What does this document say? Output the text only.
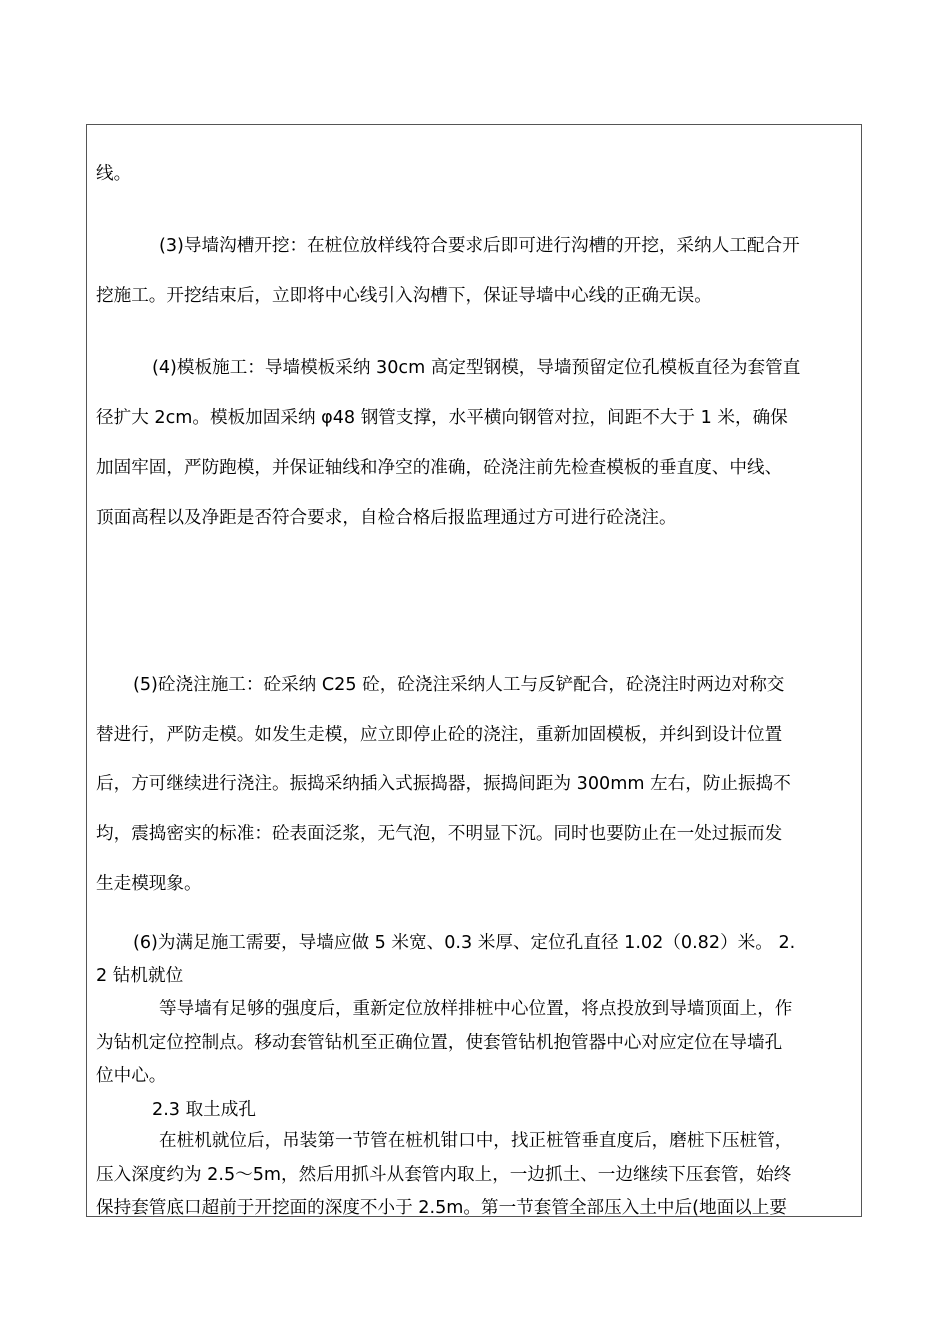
线。
(3)导墙沟槽开挖：在桩位放样线符合要求后即可进行沟槽的开挖，采纳人工配合开
挖施工。开挖结束后，立即将中心线引入沟槽下，保证导墙中心线的正确无误。
(4)模板施工：导墙模板采纳 30cm 高定型钢模，导墙预留定位孔模板直径为套管直
径扩大 2cm。模板加固采纳 φ48 钢管支撑，水平横向钢管对拉，间距不大于 1 米，确保
加固牢固，严防跑模，并保证轴线和净空的准确，砼浇注前先检查模板的垂直度、中线、
顶面高程以及净距是否符合要求，自检合格后报监理通过方可进行砼浇注。
(5)砼浇注施工：砼采纳 C25 砼，砼浇注采纳人工与反铲配合，砼浇注时两边对称交
替进行，严防走模。如发生走模，应立即停止砼的浇注，重新加固模板，并纠到设计位置
后，方可继续进行浇注。振捣采纳插入式振捣器，振捣间距为 300mm 左右，防止振捣不
均，震捣密实的标准：砼表面泛浆，无气泡，不明显下沉。同时也要防止在一处过振而发
生走模现象。
(6)为满足施工需要，导墙应做 5 米宽、0.3 米厚、定位孔直径 1.02（0.82）米。 2.
2 钻机就位
等导墙有足够的强度后，重新定位放样排桩中心位置，将点投放到导墙顶面上，作
为钻机定位控制点。移动套管钻机至正确位置，使套管钻机抱管器中心对应定位在导墙孔
位中心。
2.3 取土成孔
在桩机就位后，吊装第一节管在桩机钳口中，找正桩管垂直度后，磨桩下压桩管，
压入深度约为 2.5～5m，然后用抓斗从套管内取上，一边抓土、一边继续下压套管，始终
保持套管底口超前于开挖面的深度不小于 2.5m。第一节套管全部压入土中后(地面以上要
